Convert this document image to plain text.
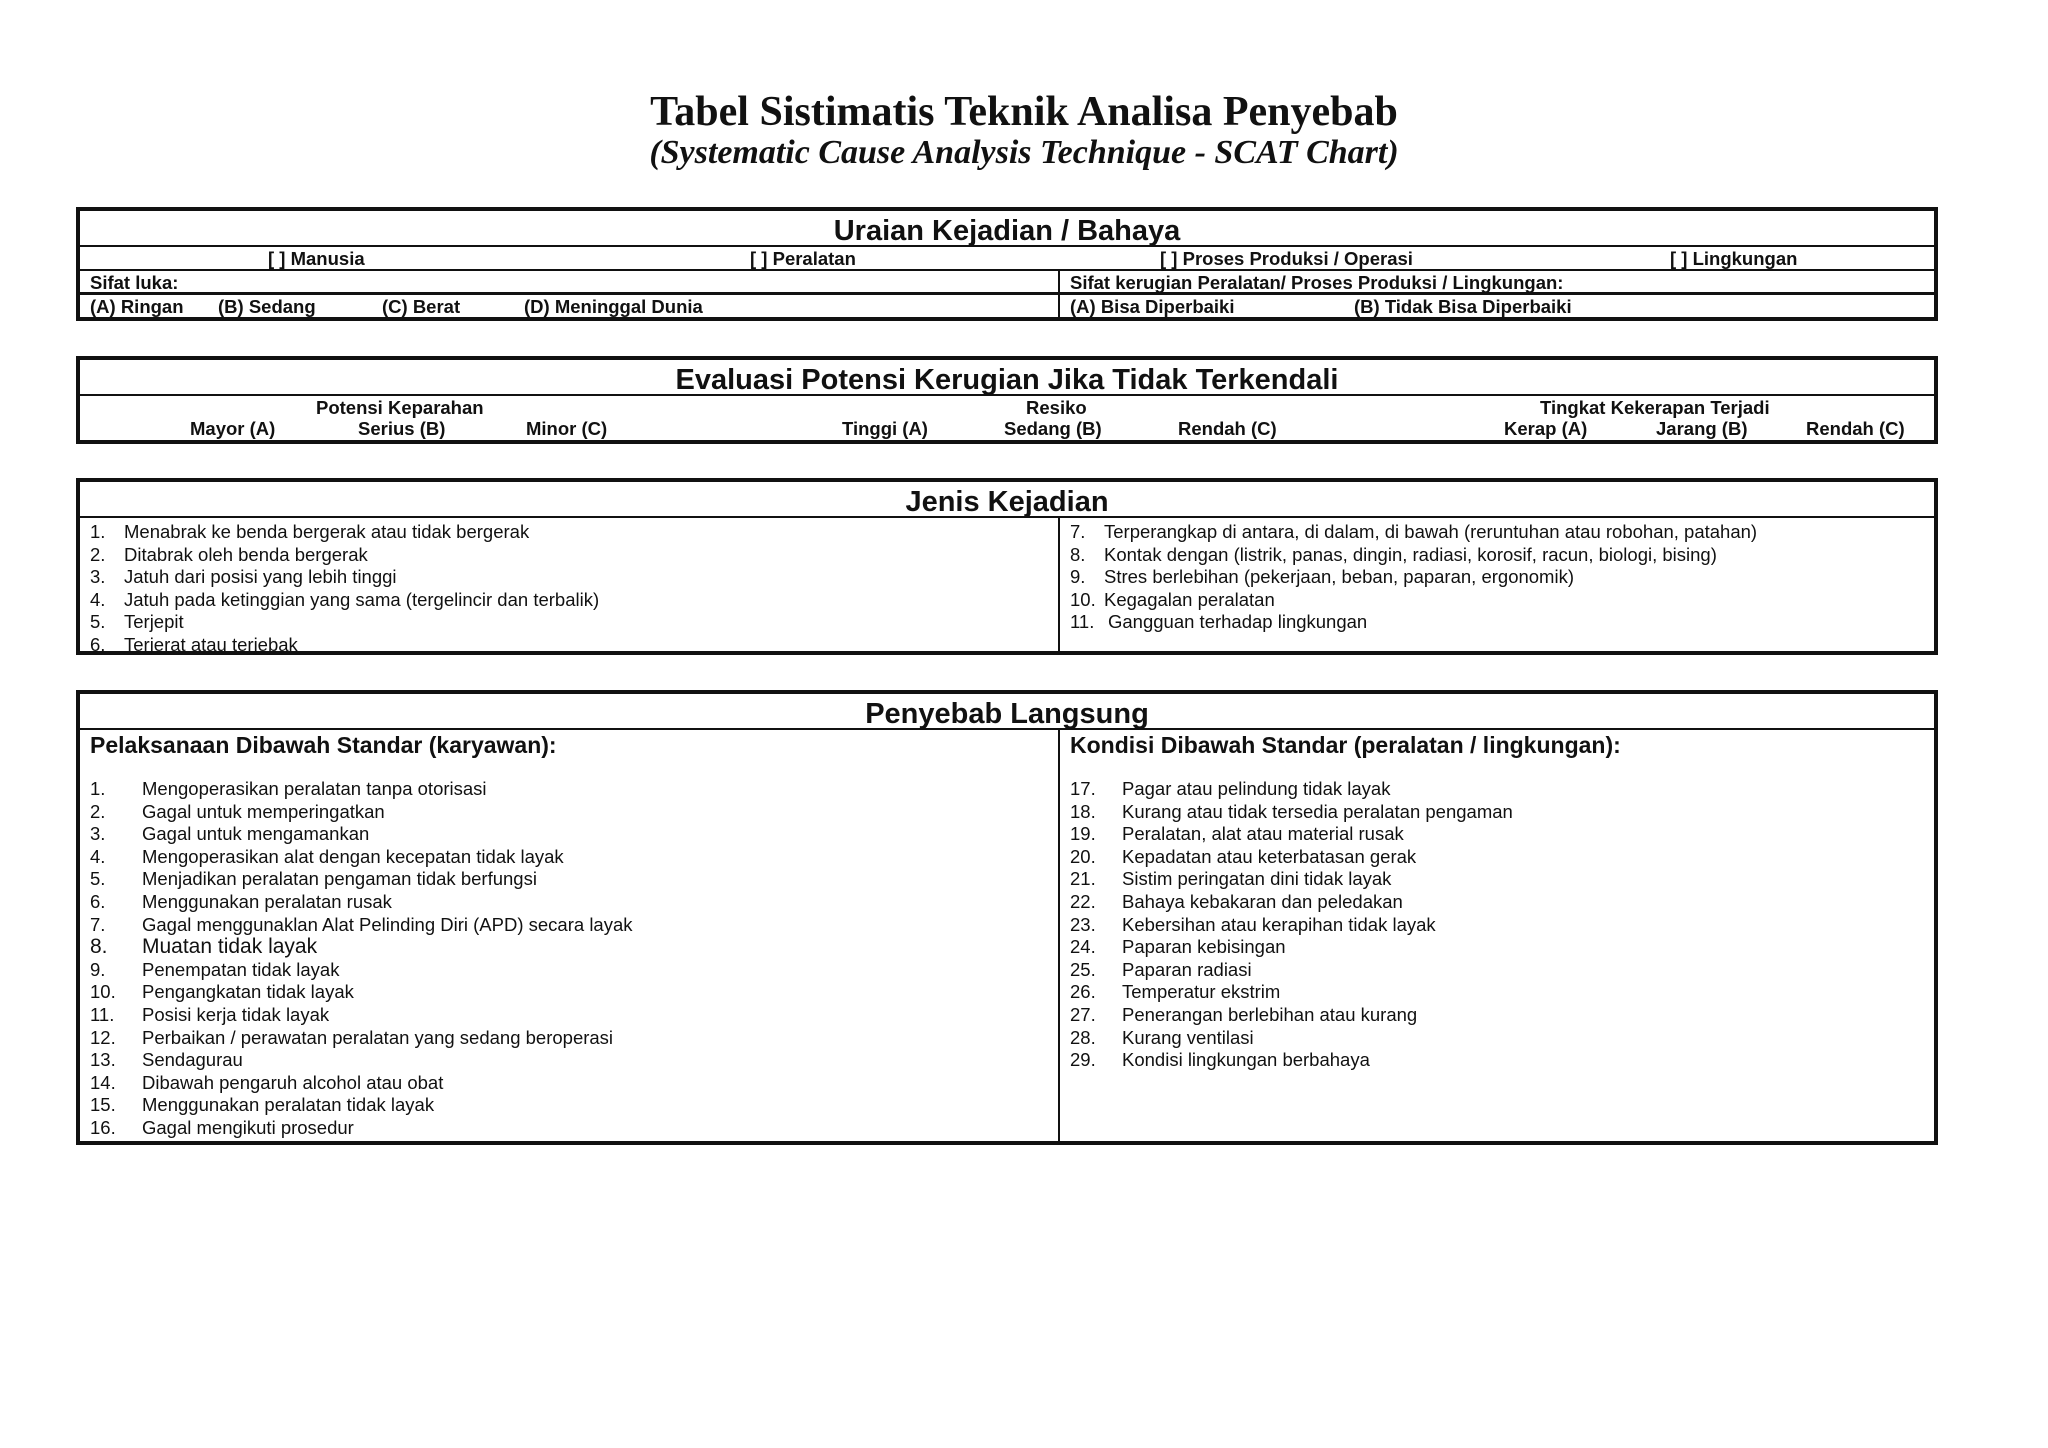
Tabel Sistimatis Teknik Analisa Penyebab
(Systematic Cause Analysis Technique - SCAT Chart)
Uraian Kejadian / Bahaya
[ ] Manusia	[ ] Peralatan	[ ] Proses Produksi / Operasi	[ ] Lingkungan
Sifat luka:	Sifat kerugian Peralatan/ Proses Produksi / Lingkungan:
(A) Ringan (B) Sedang	(C) Berat	(D) Meninggal Dunia	(A) Bisa Diperbaiki	(B) Tidak Bisa Diperbaiki
Evaluasi Potensi Kerugian Jika Tidak Terkendali
Potensi Keparahan	Resiko	Tingkat Kekerapan Terjadi
Mayor (A)	Serius (B)	Minor (C)	Tinggi (A)	Sedang (B)	Rendah (C)	Kerap (A)	Jarang (B)	Rendah (C)
Jenis Kejadian
1. Menabrak ke benda bergerak atau tidak bergerak
2. Ditabrak oleh benda bergerak
3. Jatuh dari posisi yang lebih tinggi
4. Jatuh pada ketinggian yang sama (tergelincir dan terbalik)
5. Terjepit
6. Terjerat atau terjebak
7. Terperangkap di antara, di dalam, di bawah (reruntuhan atau robohan, patahan)
8. Kontak dengan (listrik, panas, dingin, radiasi, korosif, racun, biologi, bising)
9. Stres berlebihan (pekerjaan, beban, paparan, ergonomik)
10. Kegagalan peralatan
11. Gangguan terhadap lingkungan
Penyebab Langsung
Pelaksanaan Dibawah Standar (karyawan):	Kondisi Dibawah Standar (peralatan / lingkungan):
1. Mengoperasikan peralatan tanpa otorisasi
2. Gagal untuk memperingatkan
3. Gagal untuk mengamankan
4. Mengoperasikan alat dengan kecepatan tidak layak
5. Menjadikan peralatan pengaman tidak berfungsi
6. Menggunakan peralatan rusak
7. Gagal menggunaklan Alat Pelinding Diri (APD) secara layak
8. Muatan tidak layak
9. Penempatan tidak layak
10. Pengangkatan tidak layak
11. Posisi kerja tidak layak
12. Perbaikan / perawatan peralatan yang sedang beroperasi
13. Sendagurau
14. Dibawah pengaruh alcohol atau obat
15. Menggunakan peralatan tidak layak
16. Gagal mengikuti prosedur
17. Pagar atau pelindung tidak layak
18. Kurang atau tidak tersedia peralatan pengaman
19. Peralatan, alat atau material rusak
20. Kepadatan atau keterbatasan gerak
21. Sistim peringatan dini tidak layak
22. Bahaya kebakaran dan peledakan
23. Kebersihan atau kerapihan tidak layak
24. Paparan kebisingan
25. Paparan radiasi
26. Temperatur ekstrim
27. Penerangan berlebihan atau kurang
28. Kurang ventilasi
29. Kondisi lingkungan berbahaya
